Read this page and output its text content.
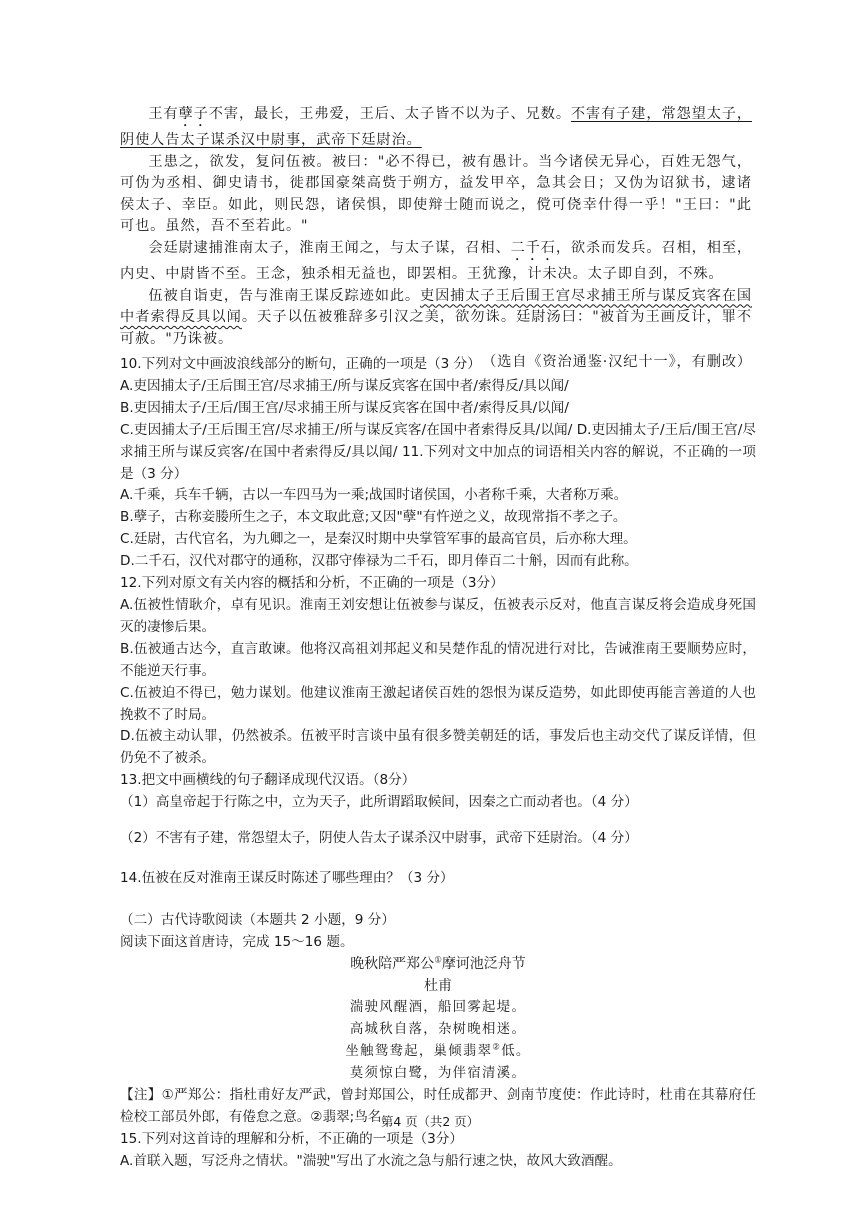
王有孽子不害，最长，王弗爱，王后、太子皆不以为子、兄数。不害有子建，常怨望太子，阴使人告太子谋杀汉中尉事，武帝下廷尉治。

王患之，欲发，复问伍被。被曰："必不得已，被有愚计。当今诸侯无异心，百姓无怨气，可伪为丞相、御史请书，徙郡国豪桀高赀于朔方，益发甲卒，急其会日；又伪为诏狱书，逮诸侯太子、幸臣。如此，则民怨，诸侯惧，即使辩士随而说之，傥可侥幸什得一乎！"王曰："此可也。虽然，吾不至若此。"

会廷尉逮捕淮南太子，淮南王闻之，与太子谋，召相、二千石，欲杀而发兵。召相，相至，内史、中尉皆不至。王念，独杀相无益也，即罢相。王犹豫，计未决。太子即自刭，不殊。

伍被自诣吏，告与淮南王谋反踪迹如此。吏因捕太子王后围王宫尽求捕王所与谋反宾客在国中者索得反具以闻。天子以伍被雅辞多引汉之美，欲勿诛。廷尉汤曰："被首为王画反计，罪不可赦。"乃诛被。

（选自《资治通鉴·汉纪十一》，有删改）
10.下列对文中画波浪线部分的断句，正确的一项是（3 分）
A.吏因捕太子/王后围王宫/尽求捕王/所与谋反宾客在国中者/索得反/具以闻/
B.吏因捕太子/王后/围王宫/尽求捕王所与谋反宾客在国中者/索得反具/以闻/
C.吏因捕太子/王后围王宫/尽求捕王/所与谋反宾客/在国中者索得反具/以闻/ D.吏因捕太子/王后/围王宫/尽求捕王所与谋反宾客/在国中者索得反/具以闻/ 11.下列对文中加点的词语相关内容的解说，不正确的一项是（3 分）
A.千乘，兵车千辆，古以一车四马为一乘;战国时诸侯国，小者称千乘，大者称万乘。
B.孽子，古称妾媵所生之子，本文取此意;又因"孽"有忤逆之义，故现常指不孝之子。
C.廷尉，古代官名，为九卿之一，是秦汉时期中央掌管军事的最高官员，后亦称大理。
D.二千石，汉代对郡守的通称，汉郡守俸禄为二千石，即月俸百二十斛，因而有此称。
12.下列对原文有关内容的概括和分析，不正确的一项是（3分）
A.伍被性情耿介，卓有见识。淮南王刘安想让伍被参与谋反，伍被表示反对，他直言谋反将会造成身死国灭的凄惨后果。
B.伍被通古达今，直言敢谏。他将汉高祖刘邦起义和吴楚作乱的情况进行对比，告诫淮南王要顺势应时，不能逆天行事。
C.伍被迫不得已，勉力谋划。他建议淮南王激起诸侯百姓的怨恨为谋反造势，如此即使再能言善道的人也挽救不了时局。
D.伍被主动认罪，仍然被杀。伍被平时言谈中虽有很多赞美朝廷的话，事发后也主动交代了谋反详情，但仍免不了被杀。
13.把文中画横线的句子翻译成现代汉语。（8分）
（1）高皇帝起于行陈之中，立为天子，此所谓蹈取候间，因秦之亡而动者也。（4 分）
（2）不害有子建，常怨望太子，阴使人告太子谋杀汉中尉事，武帝下廷尉治。（4 分）
14.伍被在反对淮南王谋反时陈述了哪些理由？（3 分）
（二）古代诗歌阅读（本题共 2 小题，9 分）
阅读下面这首唐诗，完成 15～16 题。
晚秋陪严郑公①摩诃池泛舟节
杜甫
湍驶风醒酒，船回雾起堤。
高城秋自落，杂树晚相迷。
坐触鸳鸯起，巢倾翡翠②低。
莫须惊白鹭，为伴宿清溪。
【注】①严郑公：指杜甫好友严武，曾封郑国公，时任成都尹、剑南节度使：作此诗时，杜甫在其幕府任检校工部员外郎，有倦怠之意。②翡翠;鸟名。
15.下列对这首诗的理解和分析，不正确的一项是（3分）
A.首联入题，写泛舟之情状。"湍驶"写出了水流之急与船行速之快，故风大致酒醒。
第4 页（共2 页）
